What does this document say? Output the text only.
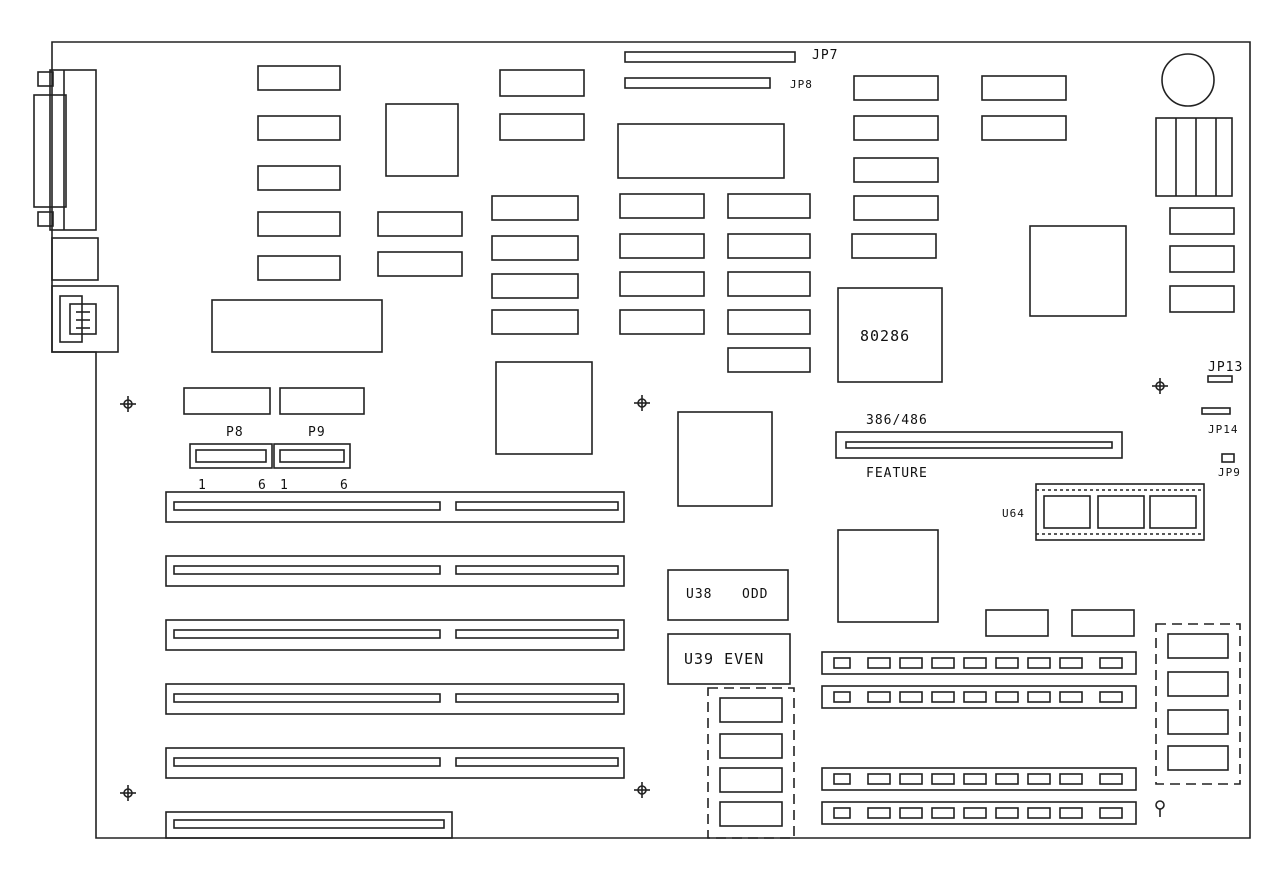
JP7
JP8
80286
386/486
FEATURE
P8	P9
1	6 1	6
U38 ODD
U39 EVEN
U64
JP13
JP14
JP9
